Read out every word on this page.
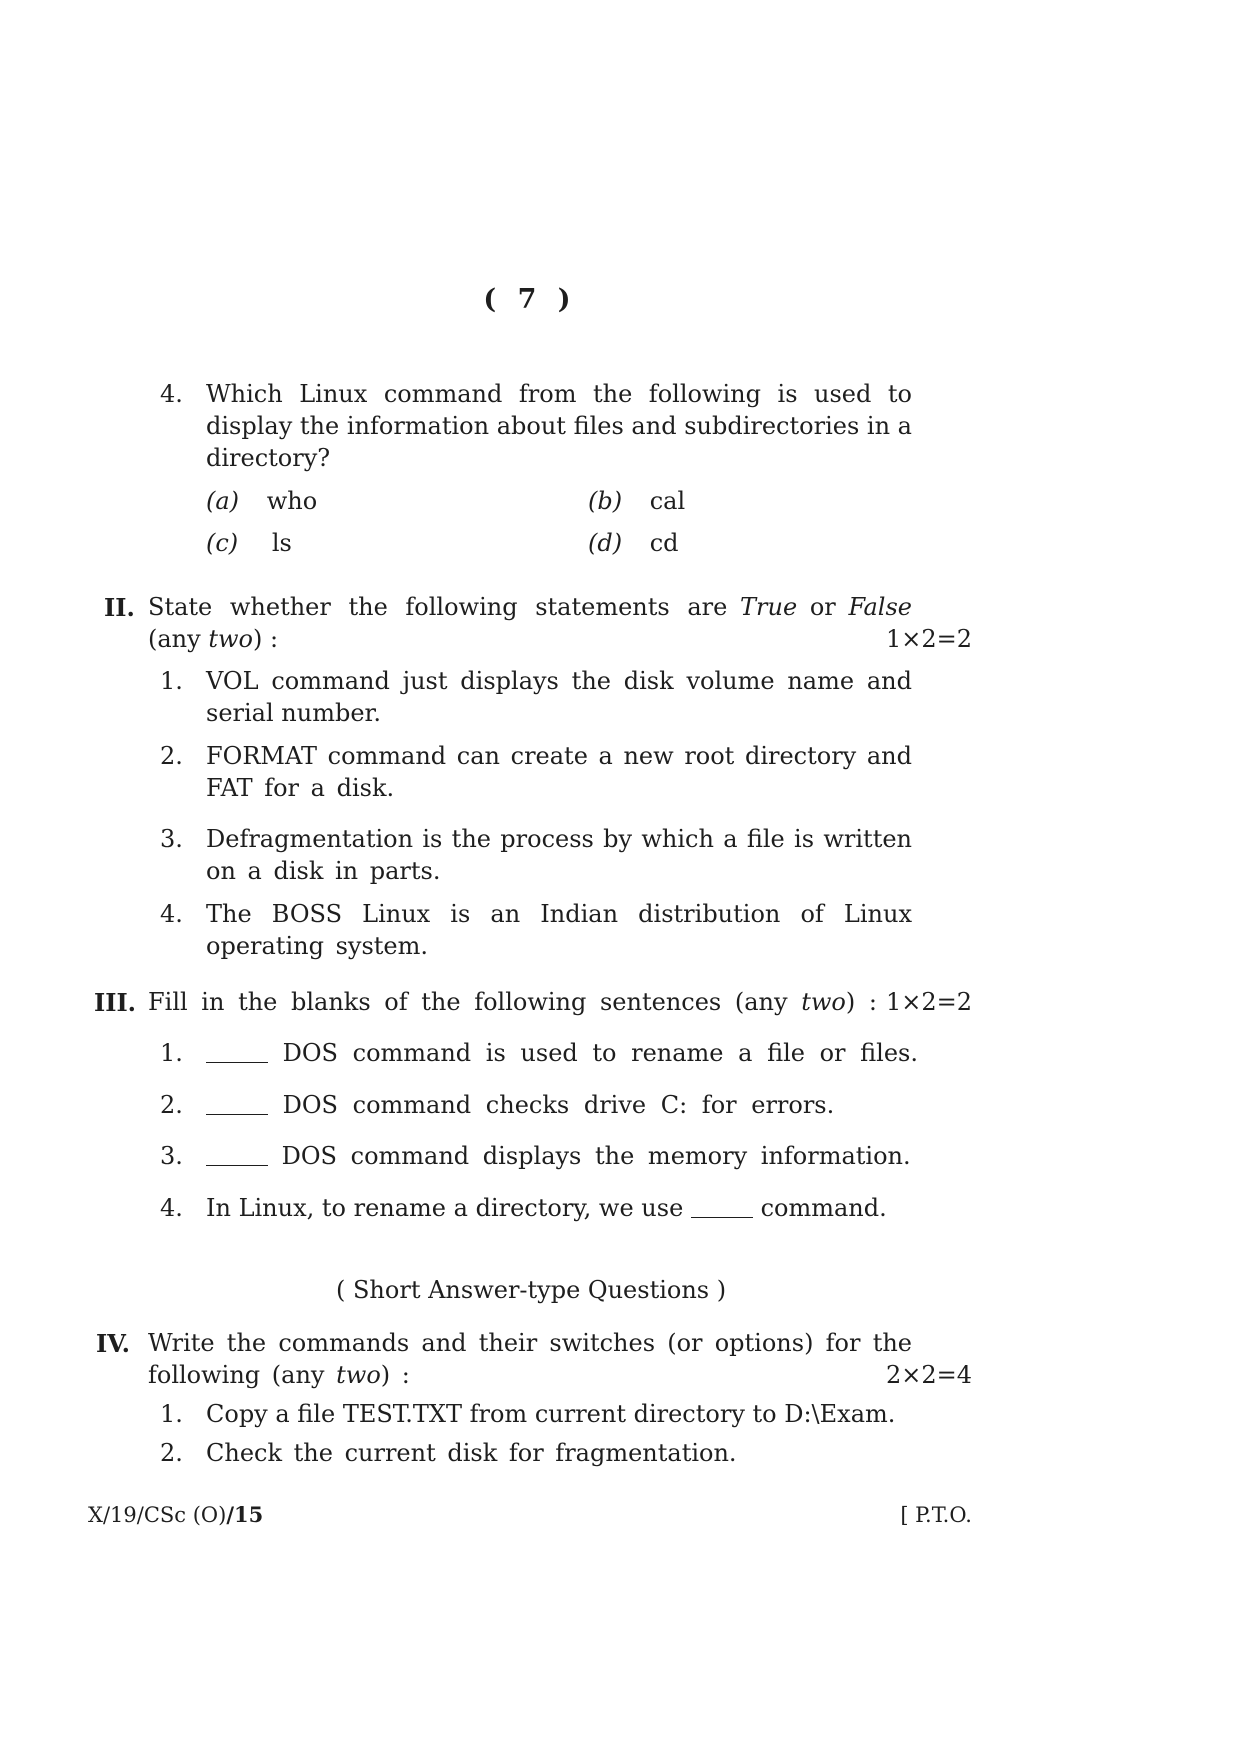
( 7 )
4. Which Linux command from the following is used to
display the information about files and subdirectories in a
directory?
(a) who	(b) cal
(c) ls	(d) cd
II. State whether the following statements are True or False
(any two) :	1×2=2
1. VOL command just displays the disk volume name and
serial number.
2. FORMAT command can create a new root directory and
FAT for a disk.
3. Defragmentation is the process by which a file is written
on a disk in parts.
4. The BOSS Linux is an Indian distribution of Linux
operating system.
III. Fill in the blanks of the following sentences (any two) : 1×2=2
1.	DOS command is used to rename a file or files.
2.	DOS command checks drive C: for errors.
3.	DOS command displays the memory information.
4. In Linux, to rename a directory, we use	command.
( Short Answer-type Questions )
IV. Write the commands and their switches (or options) for the
following (any two) :	2×2=4
1. Copy a file TEST.TXT from current directory to D:\Exam.
2. Check the current disk for fragmentation.
X/19/CSc (O)/15	[ P.T.O.
